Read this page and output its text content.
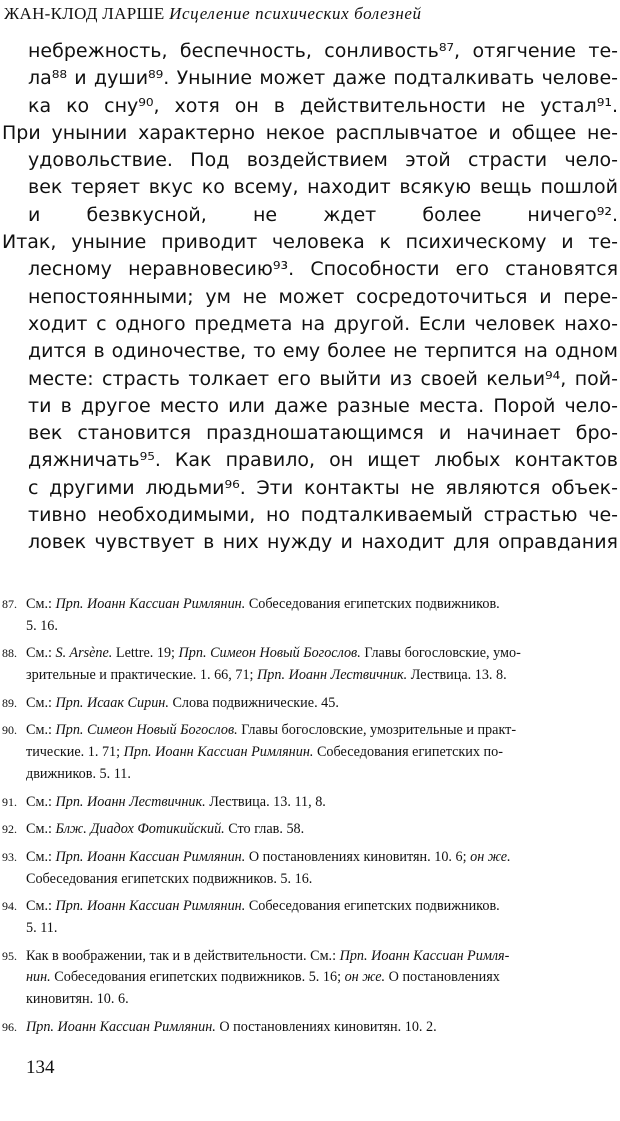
ЖАН-КЛОД ЛАРШЕ Исцеление психических болезней
небрежность, беспечность, сонливость⁸⁷, отягчение те-
ла⁸⁸ и души⁸⁹. Уныние может даже подталкивать челове-
ка ко сну⁹⁰, хотя он в действительности не устал⁹¹.
При унынии характерно некое расплывчатое и общее не-
удовольствие. Под воздействием этой страсти чело-
век теряет вкус ко всему, находит всякую вещь пошлой
и безвкусной, не ждет более ничего⁹².
Итак, уныние приводит человека к психическому и те-
лесному неравновесию⁹³. Способности его становятся
непостоянными; ум не может сосредоточиться и пере-
ходит с одного предмета на другой. Если человек нахо-
дится в одиночестве, то ему более не терпится на одном
месте: страсть толкает его выйти из своей кельи⁹⁴, пой-
ти в другое место или даже разные места. Порой чело-
век становится праздношатающимся и начинает бро-
дяжничать⁹⁵. Как правило, он ищет любых контактов
с другими людьми⁹⁶. Эти контакты не являются объек-
тивно необходимыми, но подталкиваемый страстью че-
ловек чувствует в них нужду и находит для оправдания
87. См.: Прп. Иоанн Кассиан Римлянин. Собеседования египетских подвижников.
5. 16.
88. См.: S. Arsène. Lettre. 19; Прп. Симеон Новый Богослов. Главы богословские, умо-
зрительные и практические. 1. 66, 71; Прп. Иоанн Лествичник. Лествица. 13. 8.
89. См.: Прп. Исаак Сирин. Слова подвижнические. 45.
90. См.: Прп. Симеон Новый Богослов. Главы богословские, умозрительные и практ-
тические. 1. 71; Прп. Иоанн Кассиан Римлянин. Собеседования египетских по-
движников. 5. 11.
91. См.: Прп. Иоанн Лествичник. Лествица. 13. 11, 8.
92. См.: Блж. Диадох Фотикийский. Сто глав. 58.
93. См.: Прп. Иоанн Кассиан Римлянин. О постановлениях киновитян. 10. 6; он же.
Собеседования египетских подвижников. 5. 16.
94. См.: Прп. Иоанн Кассиан Римлянин. Собеседования египетских подвижников.
5. 11.
95. Как в воображении, так и в действительности. См.: Прп. Иоанн Кассиан Римля-
нин. Собеседования египетских подвижников. 5. 16; он же. О постановлениях
киновитян. 10. 6.
96. Прп. Иоанн Кассиан Римлянин. О постановлениях киновитян. 10. 2.
134
